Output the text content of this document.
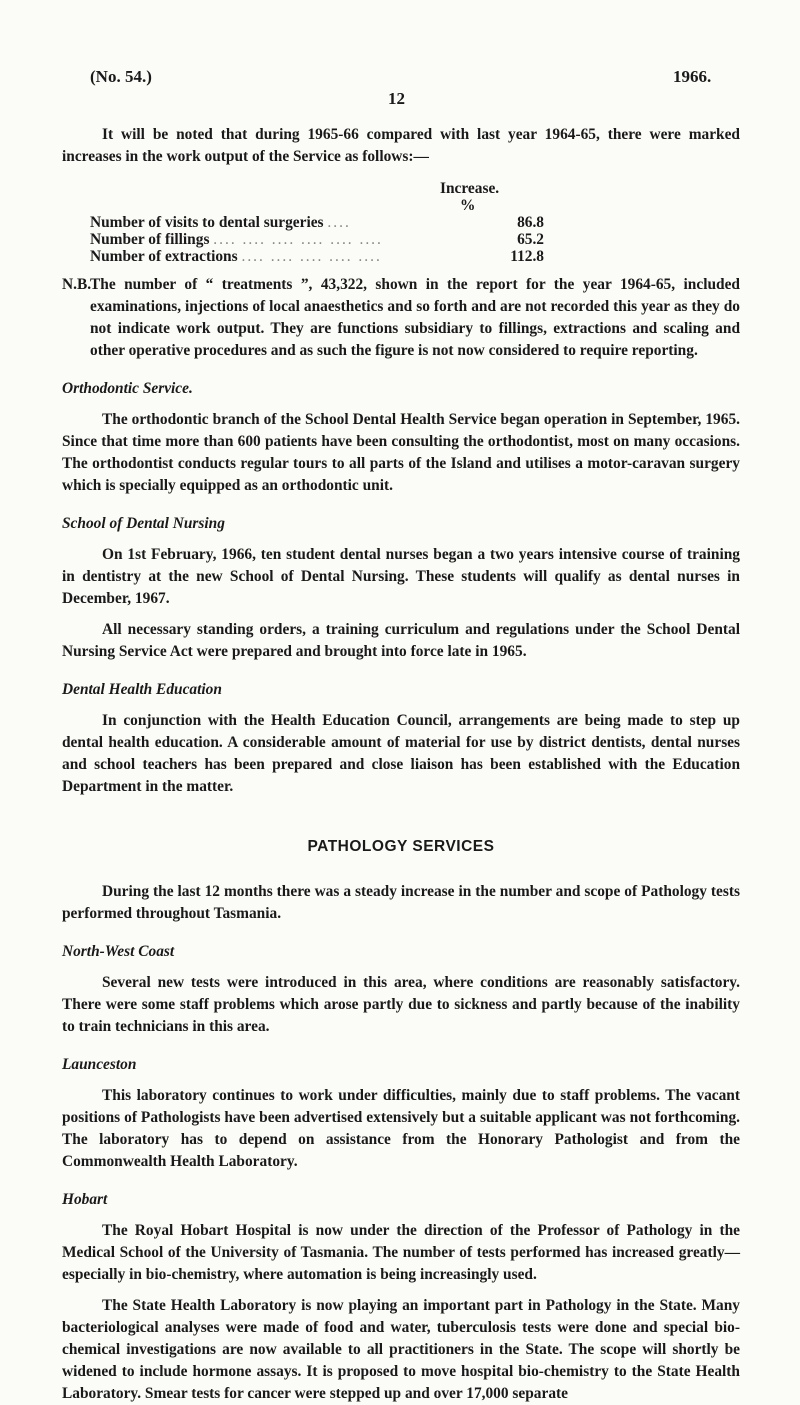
(No. 54.)	1966.
12

It will be noted that during 1965-66 compared with last year 1964-65, there were marked increases in the work output of the Service as follows:—

Increase.
%
Number of visits to dental surgeries ....	86.8
Number of fillings .... .... .... .... .... ....	65.2
Number of extractions .... .... .... .... ....	112.8
N.B.
The number of “ treatments ”, 43,322, shown in the report for the year 1964-65, included examinations, injections of local anaesthetics and so forth and are not recorded this year as they do not indicate work output. They are functions subsidiary to fillings, extractions and scaling and other operative procedures and as such the figure is not now considered to require reporting.
Orthodontic Service.

The orthodontic branch of the School Dental Health Service began operation in September, 1965. Since that time more than 600 patients have been consulting the orthodontist, most on many occasions. The orthodontist conducts regular tours to all parts of the Island and utilises a motor-caravan surgery which is specially equipped as an orthodontic unit.

School of Dental Nursing

On 1st February, 1966, ten student dental nurses began a two years intensive course of training in dentistry at the new School of Dental Nursing. These students will qualify as dental nurses in December, 1967.

All necessary standing orders, a training curriculum and regulations under the School Dental Nursing Service Act were prepared and brought into force late in 1965.

Dental Health Education

In conjunction with the Health Education Council, arrangements are being made to step up dental health education. A considerable amount of material for use by district dentists, dental nurses and school teachers has been prepared and close liaison has been established with the Education Department in the matter.

PATHOLOGY SERVICES

During the last 12 months there was a steady increase in the number and scope of Pathology tests performed throughout Tasmania.

North-West Coast

Several new tests were introduced in this area, where conditions are reasonably satisfactory. There were some staff problems which arose partly due to sickness and partly because of the inability to train technicians in this area.

Launceston

This laboratory continues to work under difficulties, mainly due to staff problems. The vacant positions of Pathologists have been advertised extensively but a suitable applicant was not forthcoming. The laboratory has to depend on assistance from the Honorary Pathologist and from the Commonwealth Health Laboratory.

Hobart

The Royal Hobart Hospital is now under the direction of the Professor of Pathology in the Medical School of the University of Tasmania. The number of tests performed has increased greatly—especially in bio-chemistry, where automation is being increasingly used.

The State Health Laboratory is now playing an important part in Pathology in the State. Many bacteriological analyses were made of food and water, tuberculosis tests were done and special bio-chemical investigations are now available to all practitioners in the State. The scope will shortly be widened to include hormone assays. It is proposed to move hospital bio-chemistry to the State Health Laboratory. Smear tests for cancer were stepped up and over 17,000 separate
